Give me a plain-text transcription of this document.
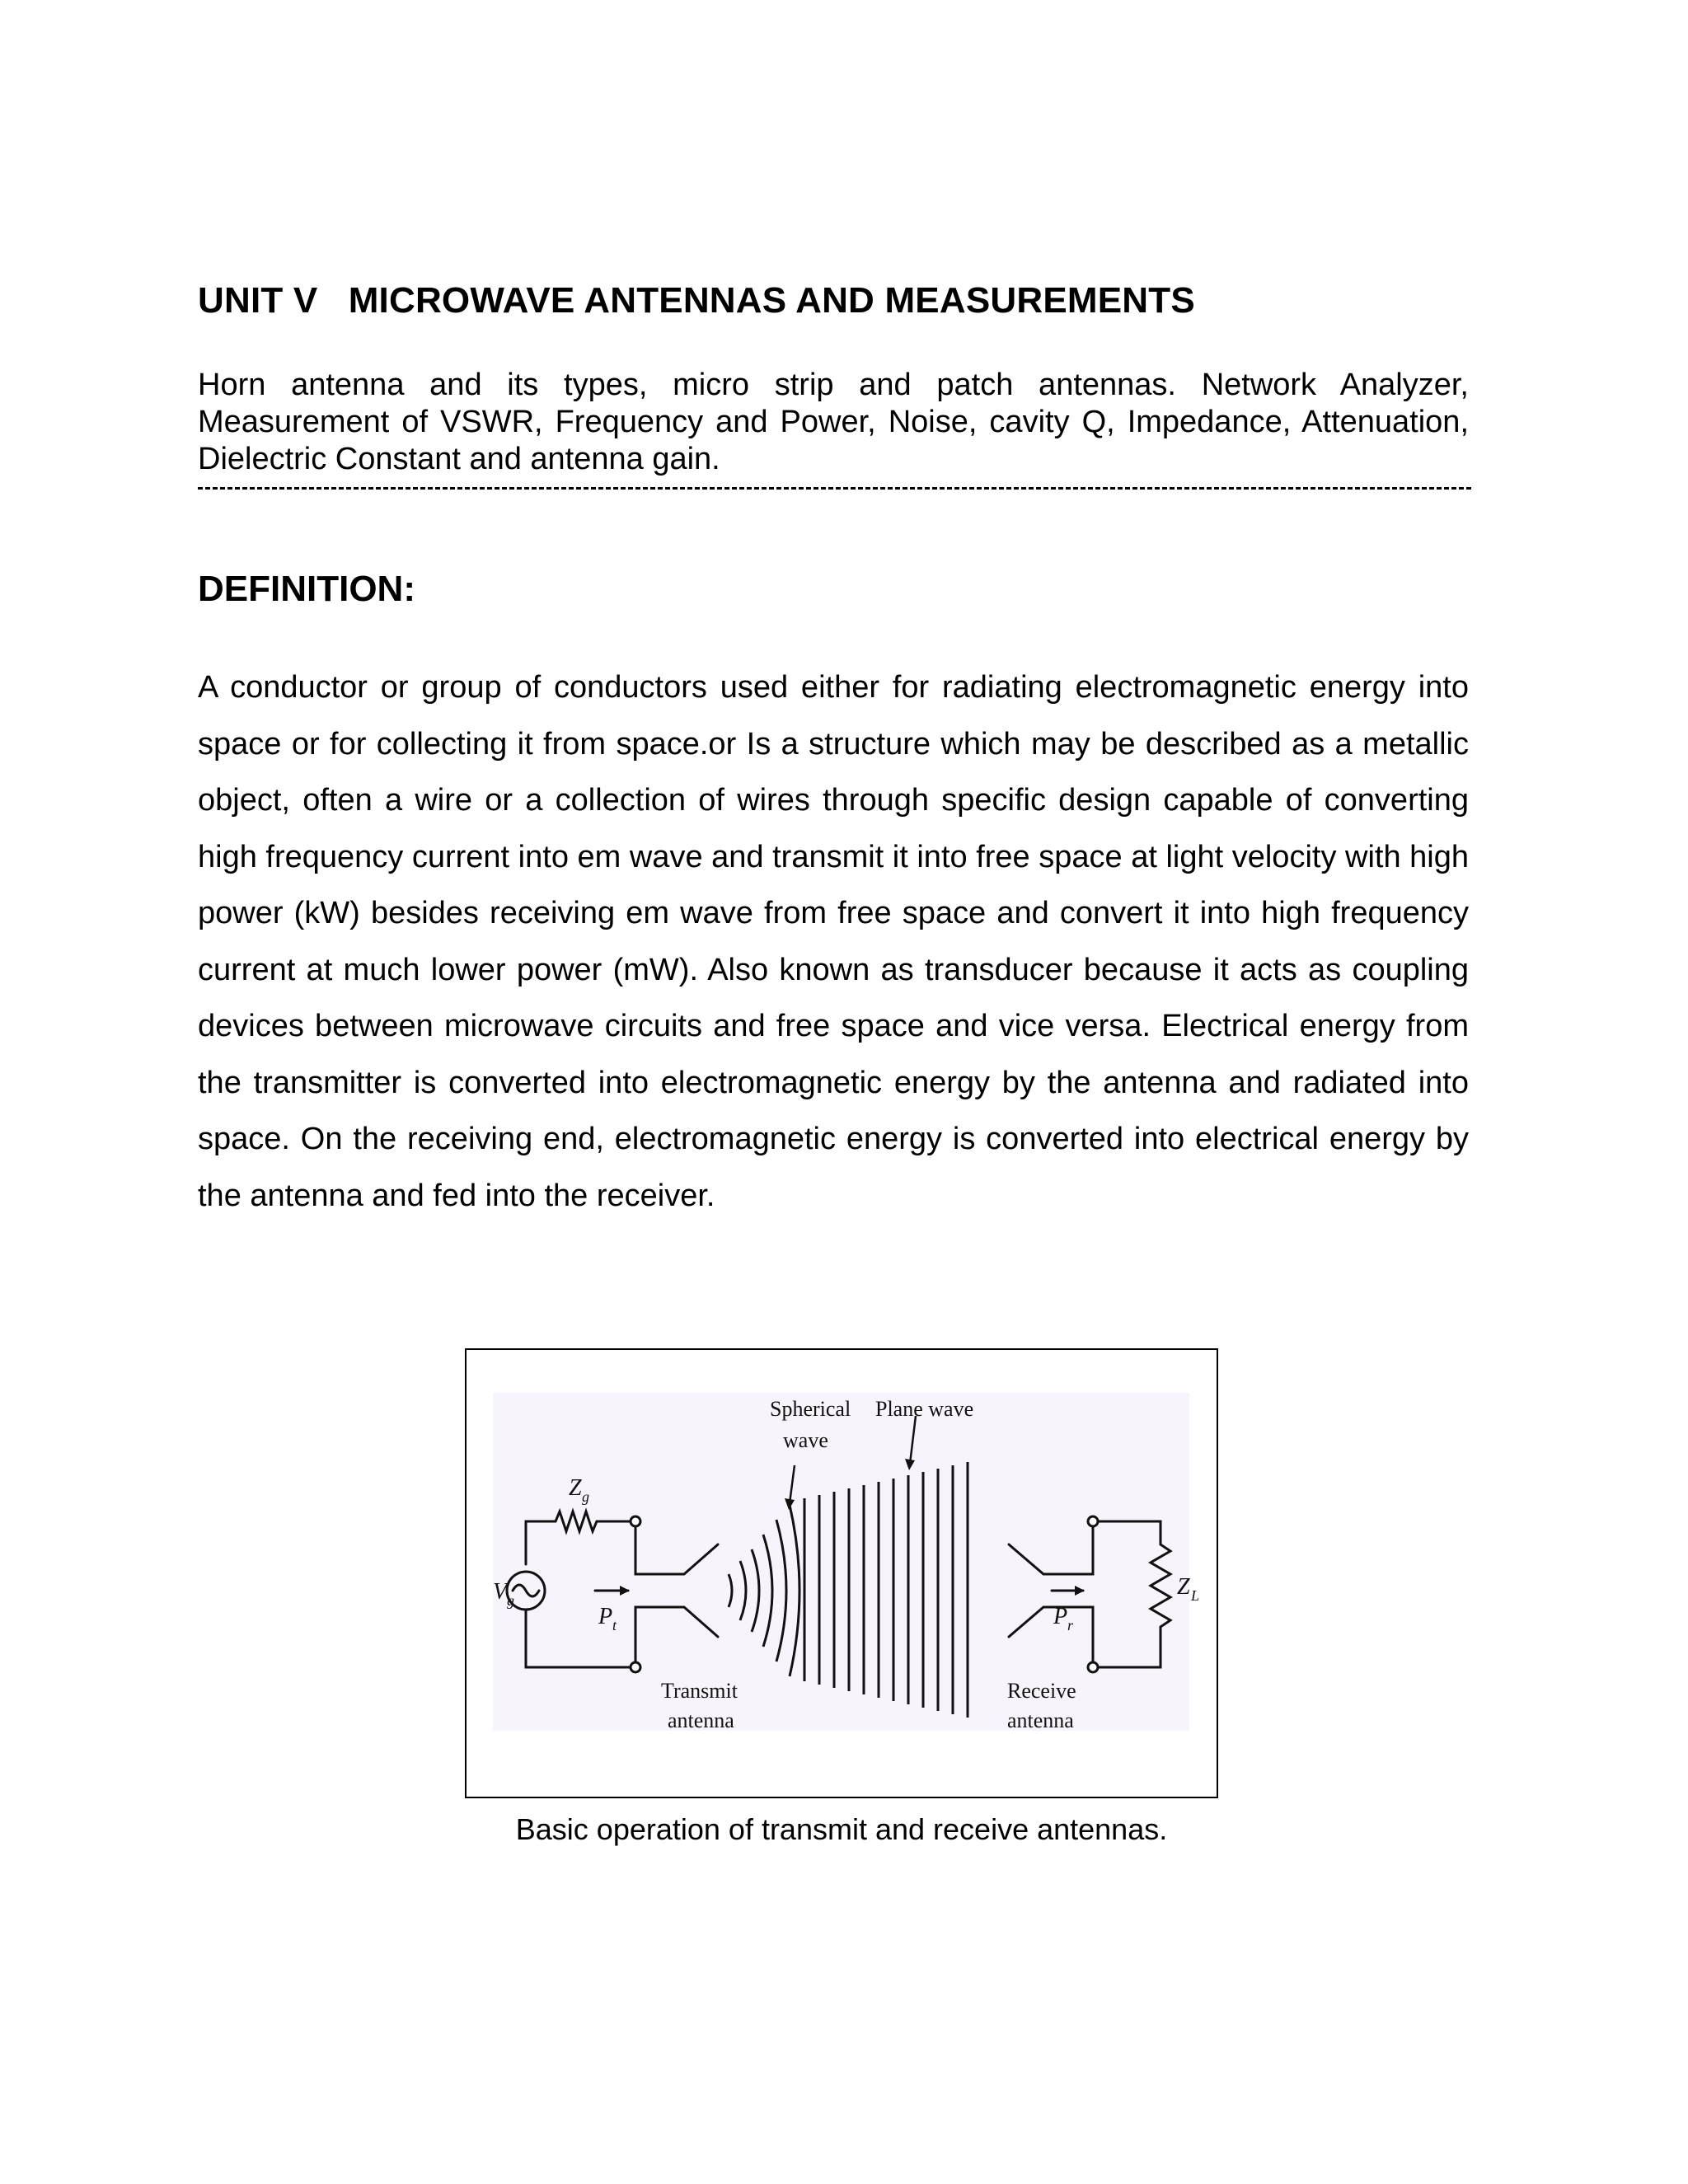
UNIT V   MICROWAVE ANTENNAS AND MEASUREMENTS

Horn antenna and its types, micro strip and patch antennas. Network Analyzer, Measurement of VSWR, Frequency and Power, Noise, cavity Q, Impedance, Attenuation, Dielectric Constant and antenna gain.

DEFINITION:

A conductor or group of conductors used either for radiating electromagnetic energy into space or for collecting it from space.or Is a structure which may be described as a metallic object, often a wire or a collection of wires through specific design capable of converting high frequency current into em wave and transmit it into free space at light velocity with high power (kW) besides receiving em wave from free space and convert it into high frequency current at much lower power (mW). Also known as transducer because it acts as coupling devices between microwave circuits and free space and vice versa. Electrical energy from the transmitter is converted into electromagnetic energy by the antenna and radiated into space. On the receiving end, electromagnetic energy is converted into electrical energy by the antenna and fed into the receiver.

Spherical
wave
Plane wave
Transmit
antenna
Receive
antenna
Z g
V g
P t	P r
Z L

Basic operation of transmit and receive antennas.
